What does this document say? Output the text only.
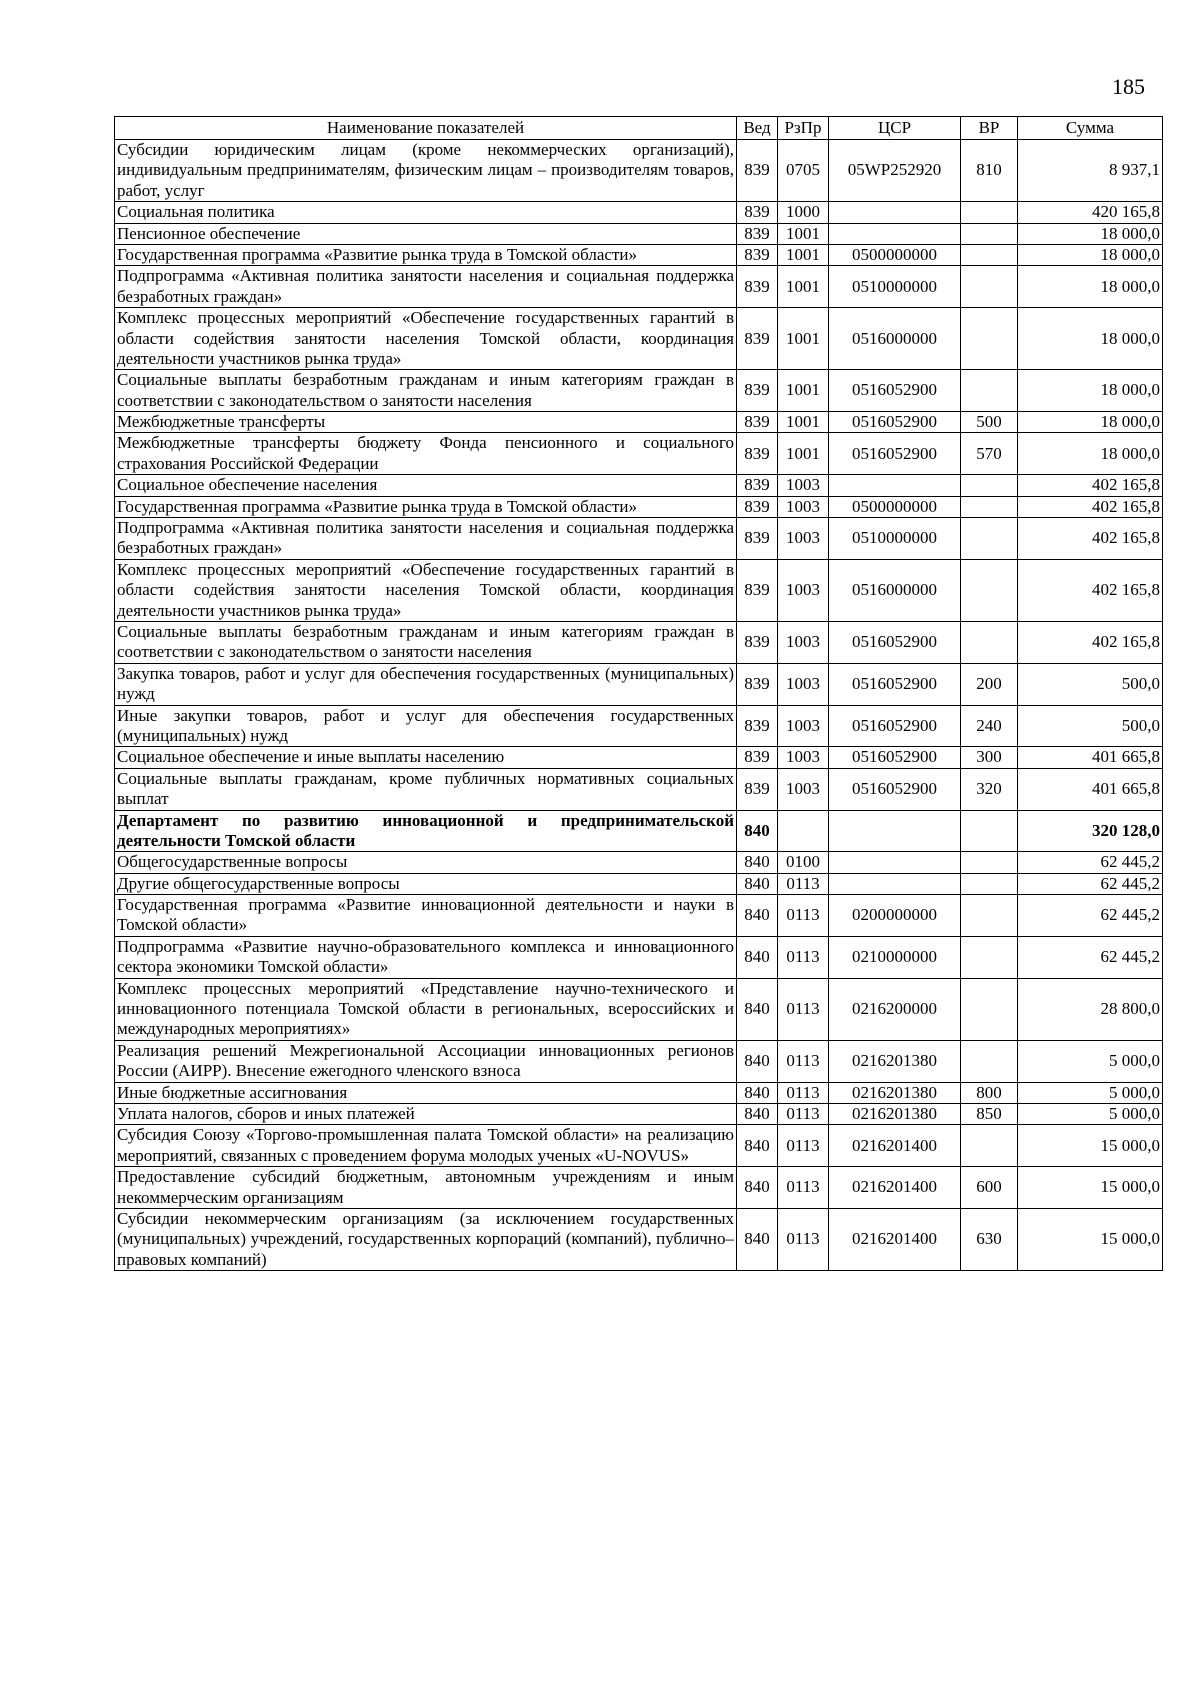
185
Наименование показателей	Вед	РзПр	ЦСР	ВР	Сумма
Субсидии юридическим лицам (кроме некоммерческих организаций), индивидуальным предпринимателям, физическим лицам – производителям товаров, работ, услуг	839	0705	05WP252920	810	8 937,1
Социальная политика	839	1000			420 165,8
Пенсионное обеспечение	839	1001			18 000,0
Государственная программа «Развитие рынка труда в Томской области»	839	1001	0500000000		18 000,0
Подпрограмма «Активная политика занятости населения и социальная поддержка безработных граждан»	839	1001	0510000000		18 000,0
Комплекс процессных мероприятий «Обеспечение государственных гарантий в области содействия занятости населения Томской области, координация деятельности участников рынка труда»	839	1001	0516000000		18 000,0
Социальные выплаты безработным гражданам и иным категориям граждан в соответствии с законодательством о занятости населения	839	1001	0516052900		18 000,0
Межбюджетные трансферты	839	1001	0516052900	500	18 000,0
Межбюджетные трансферты бюджету Фонда пенсионного и социального страхования Российской Федерации	839	1001	0516052900	570	18 000,0
Социальное обеспечение населения	839	1003			402 165,8
Государственная программа «Развитие рынка труда в Томской области»	839	1003	0500000000		402 165,8
Подпрограмма «Активная политика занятости населения и социальная поддержка безработных граждан»	839	1003	0510000000		402 165,8
Комплекс процессных мероприятий «Обеспечение государственных гарантий в области содействия занятости населения Томской области, координация деятельности участников рынка труда»	839	1003	0516000000		402 165,8
Социальные выплаты безработным гражданам и иным категориям граждан в соответствии с законодательством о занятости населения	839	1003	0516052900		402 165,8
Закупка товаров, работ и услуг для обеспечения государственных (муниципальных) нужд	839	1003	0516052900	200	500,0
Иные закупки товаров, работ и услуг для обеспечения государственных (муниципальных) нужд	839	1003	0516052900	240	500,0
Социальное обеспечение и иные выплаты населению	839	1003	0516052900	300	401 665,8
Социальные выплаты гражданам, кроме публичных нормативных социальных выплат	839	1003	0516052900	320	401 665,8
Департамент по развитию инновационной и предпринимательской деятельности Томской области	840				320 128,0
Общегосударственные вопросы	840	0100			62 445,2
Другие общегосударственные вопросы	840	0113			62 445,2
Государственная программа «Развитие инновационной деятельности и науки в Томской области»	840	0113	0200000000		62 445,2
Подпрограмма «Развитие научно-образовательного комплекса и инновационного сектора экономики Томской области»	840	0113	0210000000		62 445,2
Комплекс процессных мероприятий «Представление научно-технического и инновационного потенциала Томской области в региональных, всероссийских и международных мероприятиях»	840	0113	0216200000		28 800,0
Реализация решений Межрегиональной Ассоциации инновационных регионов России (АИРР). Внесение ежегодного членского взноса	840	0113	0216201380		5 000,0
Иные бюджетные ассигнования	840	0113	0216201380	800	5 000,0
Уплата налогов, сборов и иных платежей	840	0113	0216201380	850	5 000,0
Субсидия Союзу «Торгово-промышленная палата Томской области» на реализацию мероприятий, связанных с проведением форума молодых ученых «U-NOVUS»	840	0113	0216201400		15 000,0
Предоставление субсидий бюджетным, автономным учреждениям и иным некоммерческим организациям	840	0113	0216201400	600	15 000,0
Субсидии некоммерческим организациям (за исключением государственных (муниципальных) учреждений, государственных корпораций (компаний), публично–правовых компаний)	840	0113	0216201400	630	15 000,0
